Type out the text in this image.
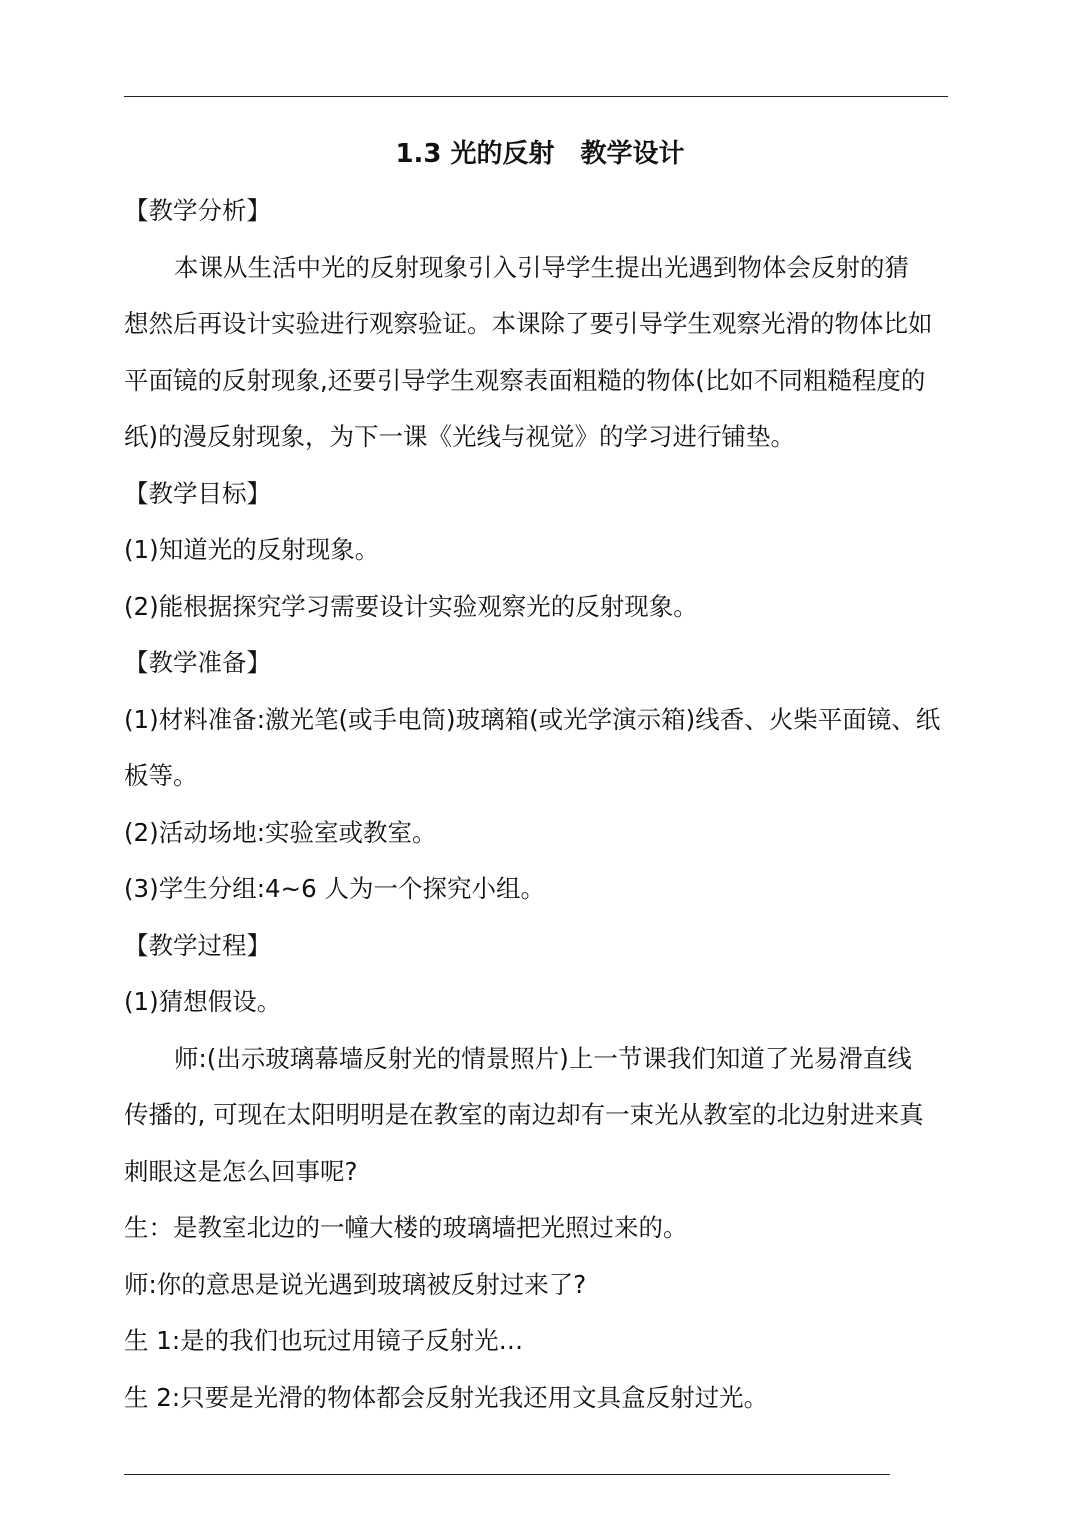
1.3 光的反射　教学设计
【教学分析】
本课从生活中光的反射现象引入引导学生提出光遇到物体会反射的猜
想然后再设计实验进行观察验证。本课除了要引导学生观察光滑的物体比如
平面镜的反射现象,还要引导学生观察表面粗糙的物体(比如不同粗糙程度的
纸)的漫反射现象，为下一课《光线与视觉》的学习进行铺垫。
【教学目标】
(1)知道光的反射现象。
(2)能根据探究学习需要设计实验观察光的反射现象。
【教学准备】
(1)材料准备:激光笔(或手电筒)玻璃箱(或光学演示箱)线香、火柴平面镜、纸
板等。
(2)活动场地:实验室或教室。
(3)学生分组:4~6 人为一个探究小组。
【教学过程】
(1)猜想假设。
师:(出示玻璃幕墙反射光的情景照片)上一节课我们知道了光易滑直线
传播的, 可现在太阳明明是在教室的南边却有一束光从教室的北边射进来真
刺眼这是怎么回事呢?
生：是教室北边的一幢大楼的玻璃墙把光照过来的。
师:你的意思是说光遇到玻璃被反射过来了?
生 1:是的我们也玩过用镜子反射光…
生 2:只要是光滑的物体都会反射光我还用文具盒反射过光。
